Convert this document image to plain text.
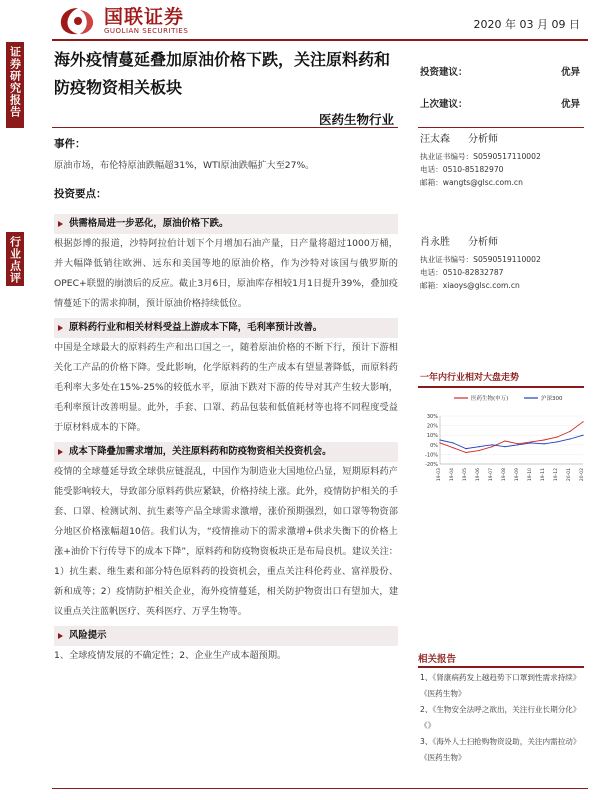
国联证券
GUOLIAN SECURITIES	2020 年 03 月 09 日
证券研究报告
行业点评
海外疫情蔓延叠加原油价格下跌，关注原料药和防疫物资相关板块
医药生物行业
投资建议：	优异
上次建议：	优异
事件：
原油市场，布伦特原油跌幅超31%，WTI原油跌幅扩大至27%。
投资要点：
供需格局进一步恶化，原油价格下跌。
根据彭博的报道，沙特阿拉伯计划下个月增加石油产量，日产量将超过1000万桶，并大幅降低销往欧洲、远东和美国等地的原油价格，作为沙特对该国与俄罗斯的OPEC+联盟的崩溃后的反应。截止3月6日，原油库存相较1月1日提升39%，叠加疫情蔓延下的需求抑制，预计原油价格持续低位。
原料药行业和相关材料受益上游成本下降，毛利率预计改善。
中国是全球最大的原料药生产和出口国之一，随着原油价格的不断下行，预计下游相关化工产品的价格下降。受此影响，化学原料药的生产成本有望显著降低，而原料药毛利率大多处在15%-25%的较低水平，原油下跌对下游的传导对其产生较大影响，毛利率预计改善明显。此外，手套、口罩、药品包装和低值耗材等也将不同程度受益于原材料成本的下降。
成本下降叠加需求增加，关注原料药和防疫物资相关投资机会。
疫情的全球蔓延导致全球供应链混乱，中国作为制造业大国地位凸显，短期原料药产能受影响较大，导致部分原料药供应紧缺，价格持续上涨。此外，疫情防护相关的手套、口罩、检测试剂、抗生素等产品全球需求激增，涨价预期强烈，如口罩等物资部分地区价格涨幅超10倍。我们认为，“疫情推动下的需求激增+供求失衡下的价格上涨+油价下行传导下的成本下降”，原料药和防疫物资板块正是布局良机。建议关注：1）抗生素、维生素和部分特色原料药的投资机会，重点关注科伦药业、富祥股份、新和成等；2）疫情防护相关企业，海外疫情蔓延，相关防护物资出口有望加大，建议重点关注蓝帆医疗、英科医疗、万孚生物等。
风险提示
1、全球疫情发展的不确定性；2、企业生产成本超预期。
汪太森 分析师
执业证书编号：S0590517110002
电话：0510-85182970
邮箱：wangts@glsc.com.cn
肖永胜 分析师
执业证书编号：S0590519110002
电话：0510-82832787
邮箱：xiaoys@glsc.com.cn
一年内行业相对大盘走势
医药生物(申万)	沪深300
30%
20%
10%
0%
-10%
-20%
19-03 19-04 19-05 19-06 19-07 19-08 19-09 19-10 19-11 19-12 20-01 20-02
相关报告
1、《肾康病药发上越趋势下口罩到性需求持续》《医药生物》
2、《生物安全法呼之欲出，关注行业长期分化》《》
3、《海外人士扫抢购物资设助，关注内需拉动》《医药生物》
